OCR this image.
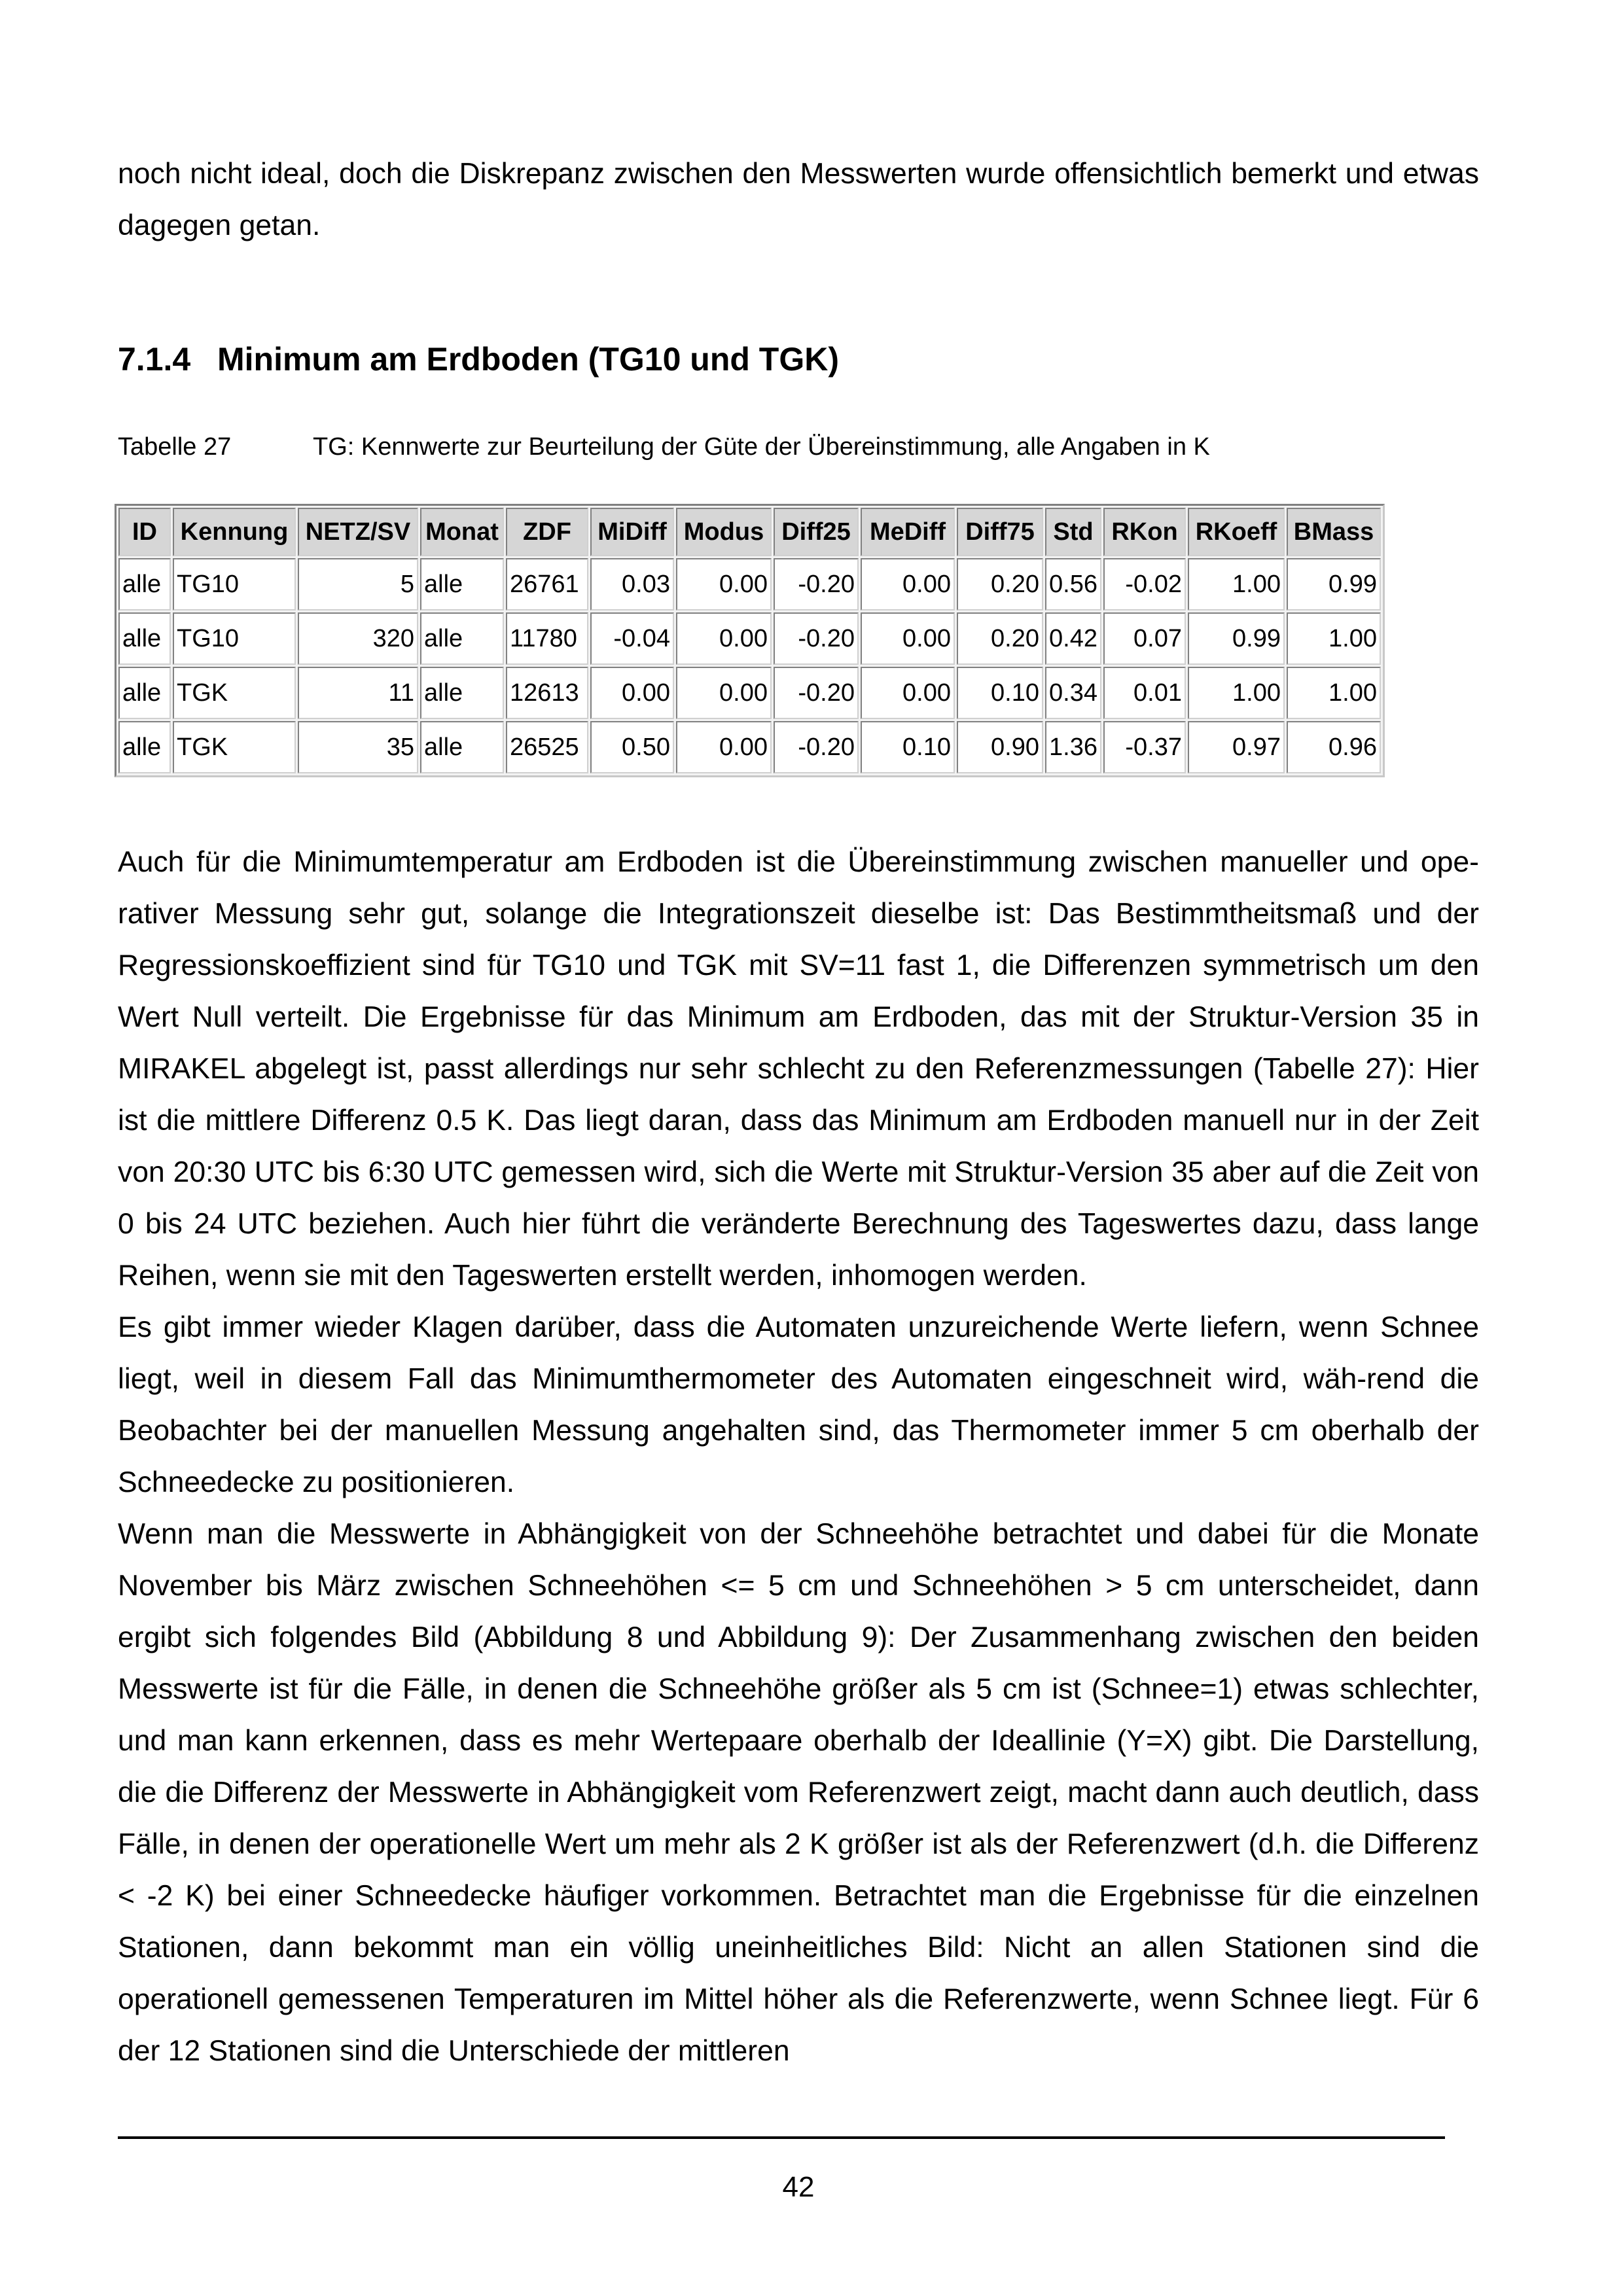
noch nicht ideal, doch die Diskrepanz zwischen den Messwerten wurde offensichtlich bemerkt und etwas dagegen getan.

7.1.4 Minimum am Erdboden (TG10 und TGK)
Tabelle 27	TG: Kennwerte zur Beurteilung der Güte der Übereinstimmung, alle Angaben in K
ID	Kennung	NETZ/SV	Monat	ZDF	MiDiff	Modus	Diff25	MeDiff	Diff75	Std	RKon	RKoeff	BMass
alle	TG10	5	alle	26761	0.03	0.00	-0.20	0.00	0.20	0.56	-0.02	1.00	0.99
alle	TG10	320	alle	11780	-0.04	0.00	-0.20	0.00	0.20	0.42	0.07	0.99	1.00
alle	TGK	11	alle	12613	0.00	0.00	-0.20	0.00	0.10	0.34	0.01	1.00	1.00
alle	TGK	35	alle	26525	0.50	0.00	-0.20	0.10	0.90	1.36	-0.37	0.97	0.96

Auch für die Minimumtemperatur am Erdboden ist die Übereinstimmung zwischen manueller und ope-rativer Messung sehr gut, solange die Integrationszeit dieselbe ist: Das Bestimmtheitsmaß und der Regressionskoeffizient sind für TG10 und TGK mit SV=11 fast 1, die Differenzen symmetrisch um den Wert Null verteilt. Die Ergebnisse für das Minimum am Erdboden, das mit der Struktur-Version 35 in MIRAKEL abgelegt ist, passt allerdings nur sehr schlecht zu den Referenzmessungen (Tabelle 27): Hier ist die mittlere Differenz 0.5 K. Das liegt daran, dass das Minimum am Erdboden manuell nur in der Zeit von 20:30 UTC bis 6:30 UTC gemessen wird, sich die Werte mit Struktur-Version 35 aber auf die Zeit von 0 bis 24 UTC beziehen. Auch hier führt die veränderte Berechnung des Tageswertes dazu, dass lange Reihen, wenn sie mit den Tageswerten erstellt werden, inhomogen werden.

Es gibt immer wieder Klagen darüber, dass die Automaten unzureichende Werte liefern, wenn Schnee liegt, weil in diesem Fall das Minimumthermometer des Automaten eingeschneit wird, wäh-rend die Beobachter bei der manuellen Messung angehalten sind, das Thermometer immer 5 cm oberhalb der Schneedecke zu positionieren.

Wenn man die Messwerte in Abhängigkeit von der Schneehöhe betrachtet und dabei für die Monate November bis März zwischen Schneehöhen <= 5 cm und Schneehöhen > 5 cm unterscheidet, dann ergibt sich folgendes Bild (Abbildung 8 und Abbildung 9): Der Zusammenhang zwischen den beiden Messwerte ist für die Fälle, in denen die Schneehöhe größer als 5 cm ist (Schnee=1) etwas schlechter, und man kann erkennen, dass es mehr Wertepaare oberhalb der Ideallinie (Y=X) gibt. Die Darstellung, die die Differenz der Messwerte in Abhängigkeit vom Referenzwert zeigt, macht dann auch deutlich, dass Fälle, in denen der operationelle Wert um mehr als 2 K größer ist als der Referenzwert (d.h. die Differenz < -2 K) bei einer Schneedecke häufiger vorkommen. Betrachtet man die Ergebnisse für die einzelnen Stationen, dann bekommt man ein völlig uneinheitliches Bild: Nicht an allen Stationen sind die operationell gemessenen Temperaturen im Mittel höher als die Referenzwerte, wenn Schnee liegt. Für 6 der 12 Stationen sind die Unterschiede der mittleren

42
